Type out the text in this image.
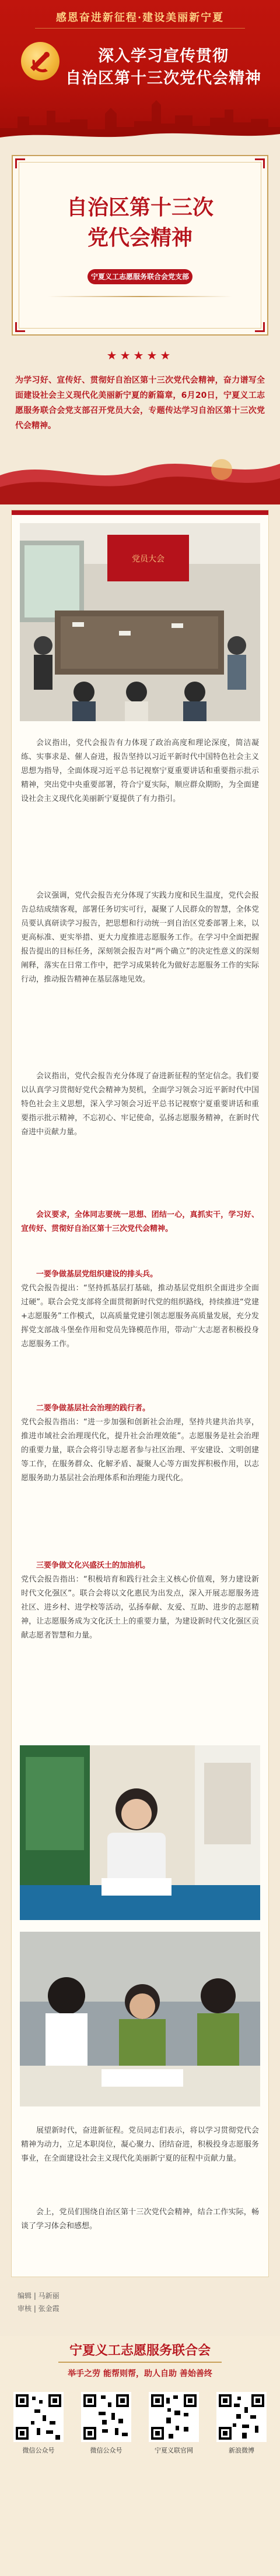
感恩奋进新征程·建设美丽新宁夏
深入学习宣传贯彻
自治区第十三次党代会精神
自治区第十三次
党代会精神
宁夏义工志愿服务联合会党支部
★★★★★

为学习好、宣传好、贯彻好自治区第十三次党代会精神，奋力谱写全面建设社会主义现代化美丽新宁夏的新篇章，6月20日，宁夏义工志愿服务联合会党支部召开党员大会，专题传达学习自治区第十三次党代会精神。

党员大会

会议指出，党代会报告有力体现了政治高度和理论深度，简洁凝练、实事求是、催人奋进，报告坚持以习近平新时代中国特色社会主义思想为指导，全面体现习近平总书记视察宁夏重要讲话和重要指示批示精神，突出党中央重要部署，符合宁夏实际，顺应群众期盼，为全面建设社会主义现代化美丽新宁夏提供了有力指引。

会议强调，党代会报告充分体现了实践力度和民生温度，党代会报告总结成绩客观，部署任务切实可行，凝聚了人民群众的智慧，全体党员要认真研读学习报告，把思想和行动统一到自治区党委部署上来，以更高标准、更实举措、更大力度推进志愿服务工作。在学习中全面把握报告提出的目标任务，深刻领会报告对“两个确立”的决定性意义的深刻阐释，落实在日常工作中，把学习成果转化为做好志愿服务工作的实际行动，推动报告精神在基层落地见效。

会议指出，党代会报告充分体现了奋进新征程的坚定信念。我们要以认真学习贯彻好党代会精神为契机，全面学习领会习近平新时代中国特色社会主义思想，深入学习领会习近平总书记视察宁夏重要讲话和重要指示批示精神，不忘初心、牢记使命，弘扬志愿服务精神，在新时代奋进中贡献力量。

会议要求，全体同志要统一思想、团结一心，真抓实干，学习好、宣传好、贯彻好自治区第十三次党代会精神。

一要争做基层党组织建设的排头兵。
党代会报告提出：“坚持抓基层打基础，推动基层党组织全面进步全面过硬”。联合会党支部将全面贯彻新时代党的组织路线，持续推进“党建+志愿服务”工作模式，以高质量党建引领志愿服务高质量发展，充分发挥党支部战斗堡垒作用和党员先锋模范作用，带动广大志愿者积极投身志愿服务工作。
二要争做基层社会治理的践行者。
党代会报告指出：“进一步加强和创新社会治理，坚持共建共治共享，推进市域社会治理现代化，提升社会治理效能”。志愿服务是社会治理的重要力量，联合会将引导志愿者参与社区治理、平安建设、文明创建等工作，在服务群众、化解矛盾、凝聚人心等方面发挥积极作用，以志愿服务助力基层社会治理体系和治理能力现代化。
三要争做文化兴盛沃土的加油机。
党代会报告指出：“积极培育和践行社会主义核心价值观，努力建设新时代文化强区”。联合会将以文化惠民为出发点，深入开展志愿服务进社区、进乡村、进学校等活动，弘扬奉献、友爱、互助、进步的志愿精神，让志愿服务成为文化沃土上的重要力量，为建设新时代文化强区贡献志愿者智慧和力量。

展望新时代，奋进新征程。党员同志们表示，将以学习贯彻党代会精神为动力，立足本职岗位，凝心聚力、团结奋进，积极投身志愿服务事业，在全面建设社会主义现代化美丽新宁夏的征程中贡献力量。

会上，党员们围绕自治区第十三次党代会精神，结合工作实际，畅谈了学习体会和感想。

编辑 | 马新丽
审核 | 张金霞
宁夏义工志愿服务联合会
举手之劳 能帮则帮，助人自助 善始善终
微信公众号	微信公众号	宁夏义联官网	新浪微博
